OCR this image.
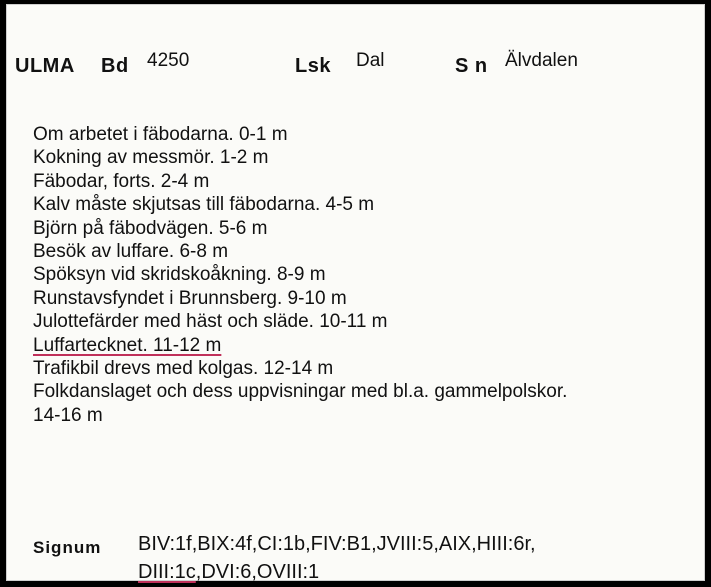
ULMA Bd 4250	Lsk Dal	S n Älvdalen
Om arbetet i fäbodarna. 0-1 m
Kokning av messmör. 1-2 m
Fäbodar, forts. 2-4 m
Kalv måste skjutsas till fäbodarna. 4-5 m
Björn på fäbodvägen. 5-6 m
Besök av luffare. 6-8 m
Spöksyn vid skridskoåkning. 8-9 m
Runstavsfyndet i Brunnsberg. 9-10 m
Julottefärder med häst och släde. 10-11 m
Luffartecknet. 11-12 m
Trafikbil drevs med kolgas. 12-14 m
Folkdanslaget och dess uppvisningar med bl.a. gammelpolskor.
14-16 m
Signum BIV:1f,BIX:4f,CI:1b,FIV:B1,JVIII:5,AIX,HIII:6r,
DIII:1c,DVI:6,OVIII:1
